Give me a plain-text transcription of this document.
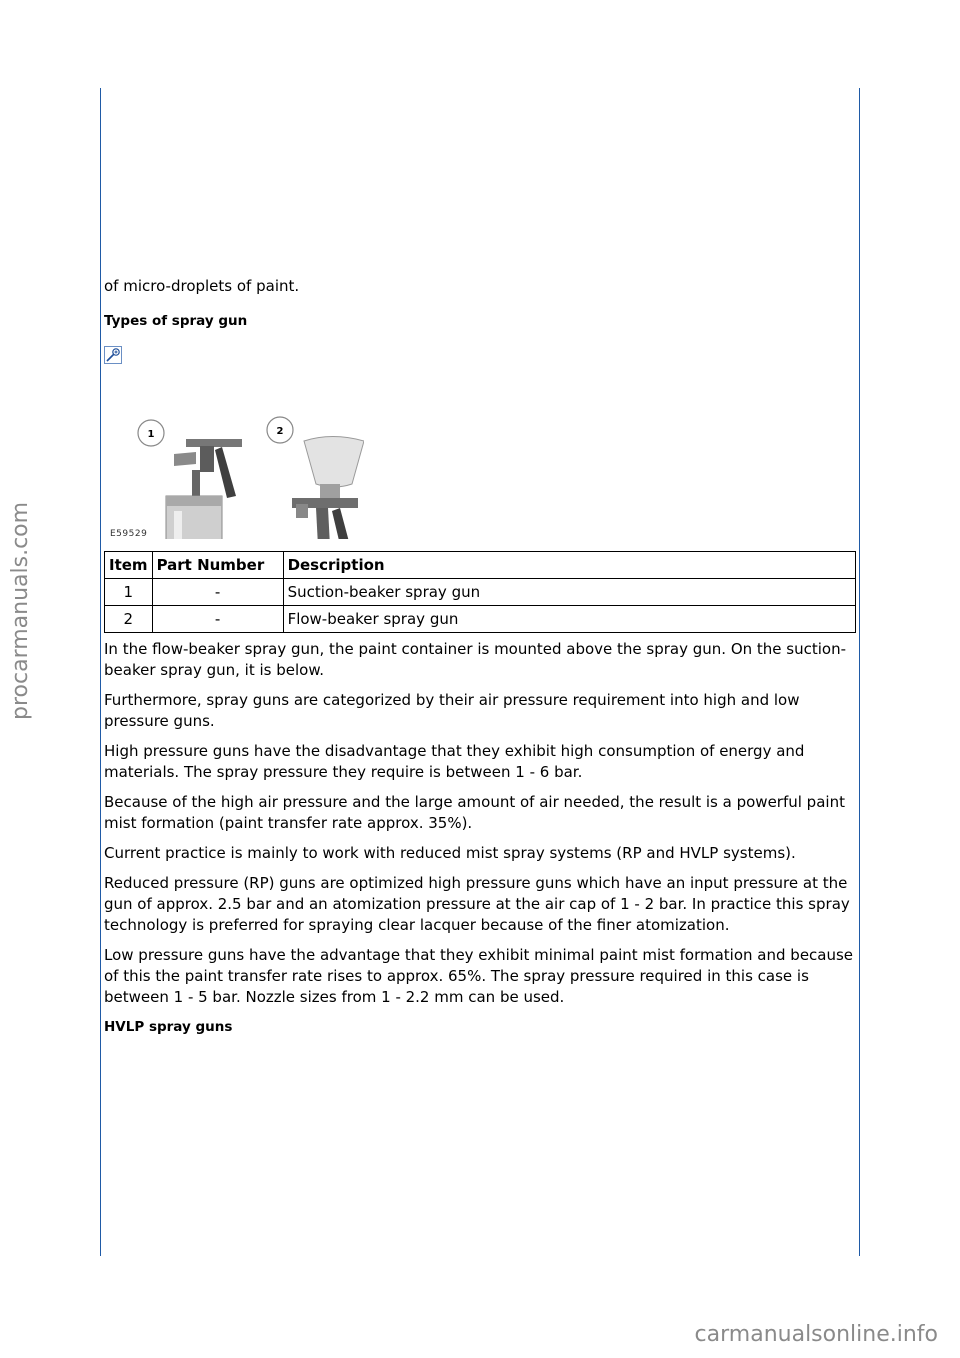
procarmanuals.com

of micro-droplets of paint.

Types of spray gun
1	2
E59529
Item	Part Number	Description
1	-	Suction-beaker spray gun
2	-	Flow-beaker spray gun

In the flow-beaker spray gun, the paint container is mounted above the spray gun. On the suction-beaker spray gun, it is below.

Furthermore, spray guns are categorized by their air pressure requirement into high and low pressure guns.

High pressure guns have the disadvantage that they exhibit high consumption of energy and materials. The spray pressure they require is between 1 - 6 bar.

Because of the high air pressure and the large amount of air needed, the result is a powerful paint mist formation (paint transfer rate approx. 35%).

Current practice is mainly to work with reduced mist spray systems (RP and HVLP systems).

Reduced pressure (RP) guns are optimized high pressure guns which have an input pressure at the gun of approx. 2.5 bar and an atomization pressure at the air cap of 1 - 2 bar. In practice this spray technology is preferred for spraying clear lacquer because of the finer atomization.

Low pressure guns have the advantage that they exhibit minimal paint mist formation and because of this the paint transfer rate rises to approx. 65%. The spray pressure required in this case is between 1 - 5 bar. Nozzle sizes from 1 - 2.2 mm can be used.

HVLP spray guns
carmanualsonline.info
